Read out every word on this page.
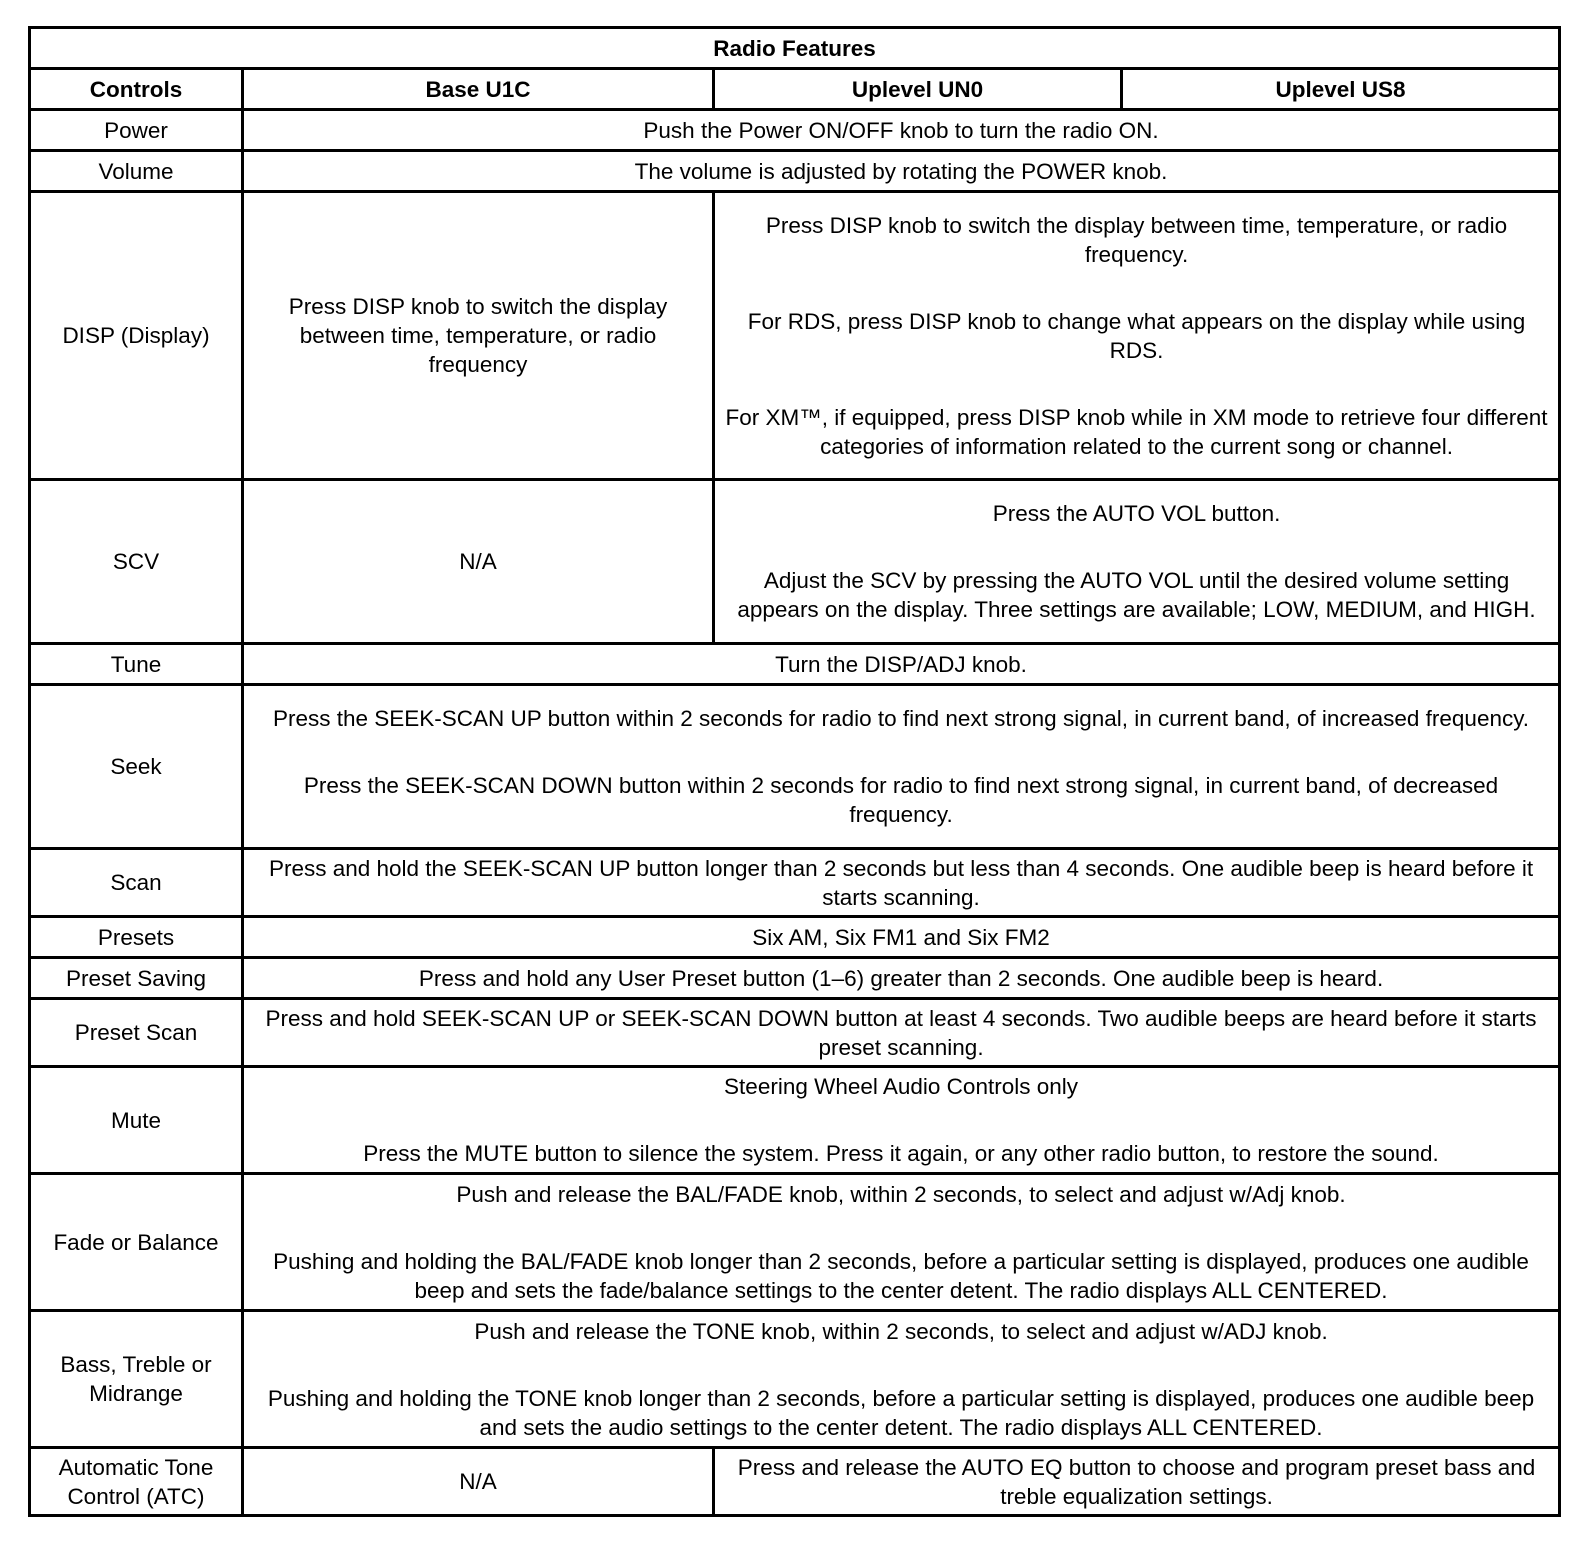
Radio Features			
Controls	Base U1C	Uplevel UN0	Uplevel US8
Power	Push the Power ON/OFF knob to turn the radio ON.		
Volume	The volume is adjusted by rotating the POWER knob.		
DISP (Display)	Press DISP knob to switch the display between time, temperature, or radio frequency	Press DISP knob to switch the display between time, temperature, or radio frequency.
For RDS, press DISP knob to change what appears on the display while using RDS.
For XM™, if equipped, press DISP knob while in XM mode to retrieve four different categories of information related to the current song or channel.	

SCV	N/A	Press the AUTO VOL button.
Adjust the SCV by pressing the AUTO VOL until the desired volume setting appears on the display. Three settings are available; LOW, MEDIUM, and HIGH.	

Tune	Turn the DISP/ADJ knob.		
Seek	Press the SEEK-SCAN UP button within 2 seconds for radio to find next strong signal, in current band, of increased frequency.
Press the SEEK-SCAN DOWN button within 2 seconds for radio to find next strong signal, in current band, of decreased frequency.		

Scan	Press and hold the SEEK-SCAN UP button longer than 2 seconds but less than 4 seconds. One audible beep is heard before it starts scanning.		
Presets	Six AM, Six FM1 and Six FM2		
Preset Saving	Press and hold any User Preset button (1–6) greater than 2 seconds. One audible beep is heard.		
Preset Scan	Press and hold SEEK-SCAN UP or SEEK-SCAN DOWN button at least 4 seconds. Two audible beeps are heard before it starts preset scanning.		
Mute	Steering Wheel Audio Controls only
Press the MUTE button to silence the system. Press it again, or any other radio button, to restore the sound.		

Fade or Balance	Push and release the BAL/FADE knob, within 2 seconds, to select and adjust w/Adj knob.
Pushing and holding the BAL/FADE knob longer than 2 seconds, before a particular setting is displayed, produces one audible beep and sets the fade/balance settings to the center detent. The radio displays ALL CENTERED.		

Bass, Treble or Midrange	Push and release the TONE knob, within 2 seconds, to select and adjust w/ADJ knob.
Pushing and holding the TONE knob longer than 2 seconds, before a particular setting is displayed, produces one audible beep and sets the audio settings to the center detent. The radio displays ALL CENTERED.		

Automatic Tone Control (ATC)	N/A	Press and release the AUTO EQ button to choose and program preset bass and treble equalization settings.	
